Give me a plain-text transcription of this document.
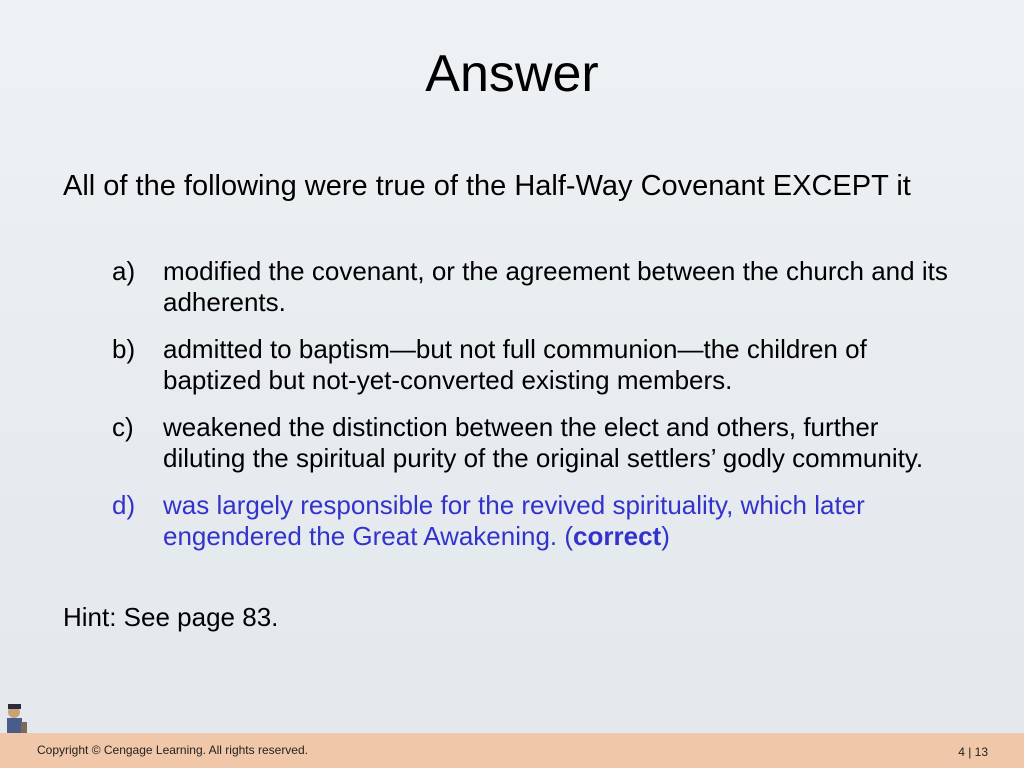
Answer
All of the following were true of the Half-Way Covenant EXCEPT it
a)	modified the covenant, or the agreement between the church and its adherents.
b)	admitted to baptism—but not full communion—the children of baptized but not-yet-converted existing members.
c)	weakened the distinction between the elect and others, further diluting the spiritual purity of the original settlers’ godly community.
d)	was largely responsible for the revived spirituality, which later engendered the Great Awakening. (correct)
Hint: See page 83.
Copyright © Cengage Learning. All rights reserved.	4 | 13
